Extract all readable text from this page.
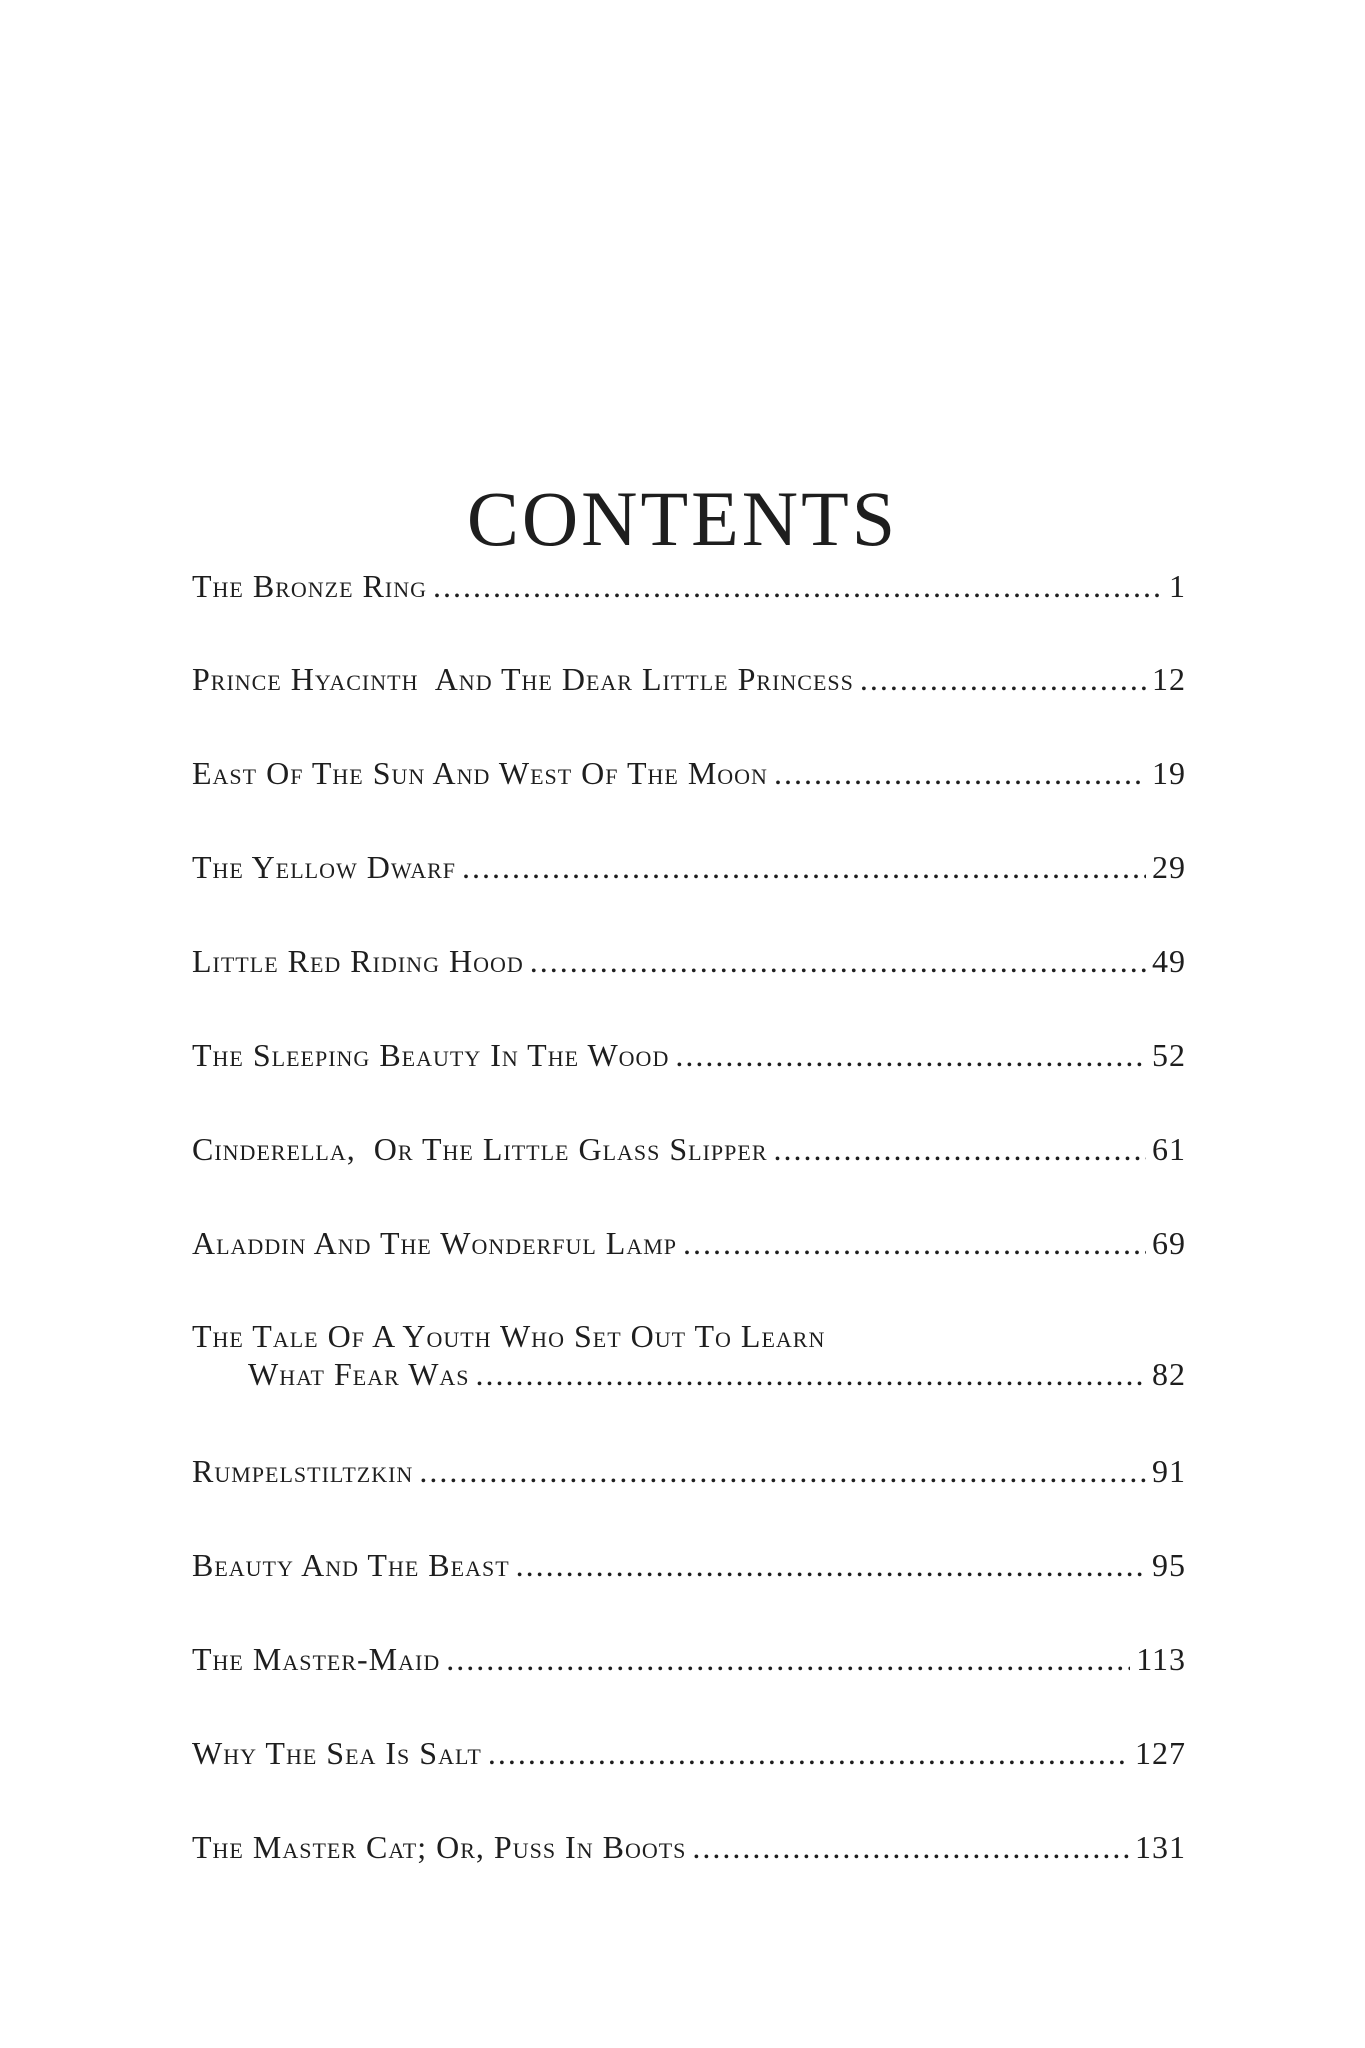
CONTENTS
The Bronze Ring .....	1
Prince Hyacinth  And The Dear Little Princess .....	12
East Of The Sun And West Of The Moon .....	19
The Yellow Dwarf .....	29
Little Red Riding Hood .....	49
The Sleeping Beauty In The Wood .....	52
Cinderella,  Or The Little Glass Slipper .....	61
Aladdin And The Wonderful Lamp .....	69
The Tale Of A Youth Who Set Out To Learn
What Fear Was .....	82
Rumpelstiltzkin .....	91
Beauty And The Beast .....	95
The Master-Maid .....	113
Why The Sea Is Salt .....	127
The Master Cat; Or, Puss In Boots .....	131
